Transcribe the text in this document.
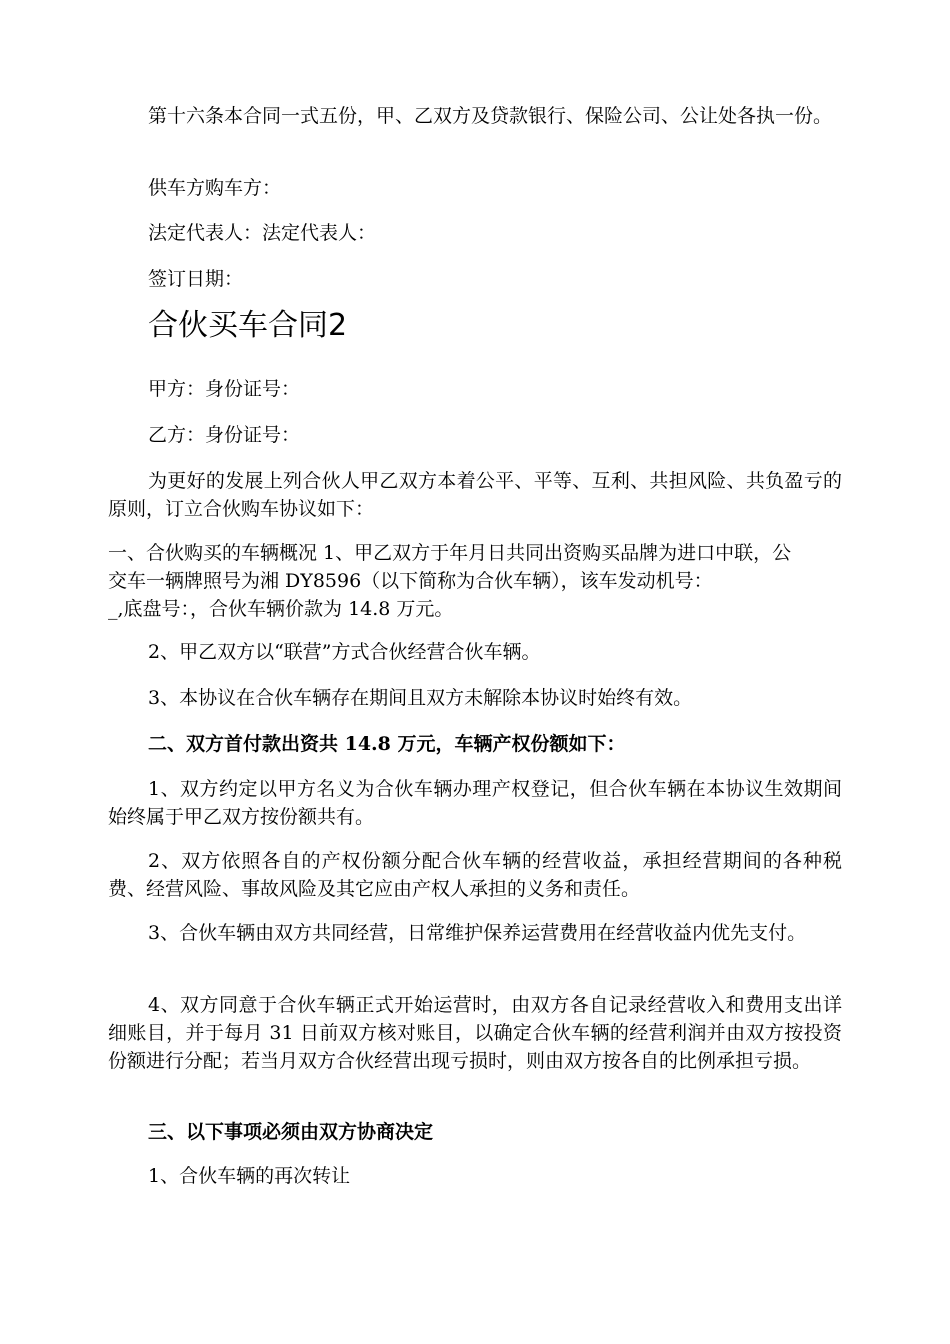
第十六条本合同一式五份，甲、乙双方及贷款银行、保险公司、公让处各执一份。

供车方购车方：

法定代表人：法定代表人：

签订日期：

合伙买车合同2

甲方：身份证号：

乙方：身份证号：

为更好的发展上列合伙人甲乙双方本着公平、平等、互利、共担风险、共负盈亏的原则，订立合伙购车协议如下：

一、合伙购买的车辆概况 1、甲乙双方于年月日共同出资购买品牌为进口中联，公
交车一辆牌照号为湘 DY8596（以下简称为合伙车辆），该车发动机号：
_,底盘号：，合伙车辆价款为 14.8 万元。

2、甲乙双方以“联营”方式合伙经营合伙车辆。

3、本协议在合伙车辆存在期间且双方未解除本协议时始终有效。

二、双方首付款出资共 14.8 万元，车辆产权份额如下：

1、双方约定以甲方名义为合伙车辆办理产权登记，但合伙车辆在本协议生效期间始终属于甲乙双方按份额共有。

2、双方依照各自的产权份额分配合伙车辆的经营收益，承担经营期间的各种税费、经营风险、事故风险及其它应由产权人承担的义务和责任。

3、合伙车辆由双方共同经营，日常维护保养运营费用在经营收益内优先支付。

4、双方同意于合伙车辆正式开始运营时，由双方各自记录经营收入和费用支出详细账目，并于每月 31 日前双方核对账目，以确定合伙车辆的经营利润并由双方按投资份额进行分配；若当月双方合伙经营出现亏损时，则由双方按各自的比例承担亏损。

三、以下事项必须由双方协商决定

1、合伙车辆的再次转让
